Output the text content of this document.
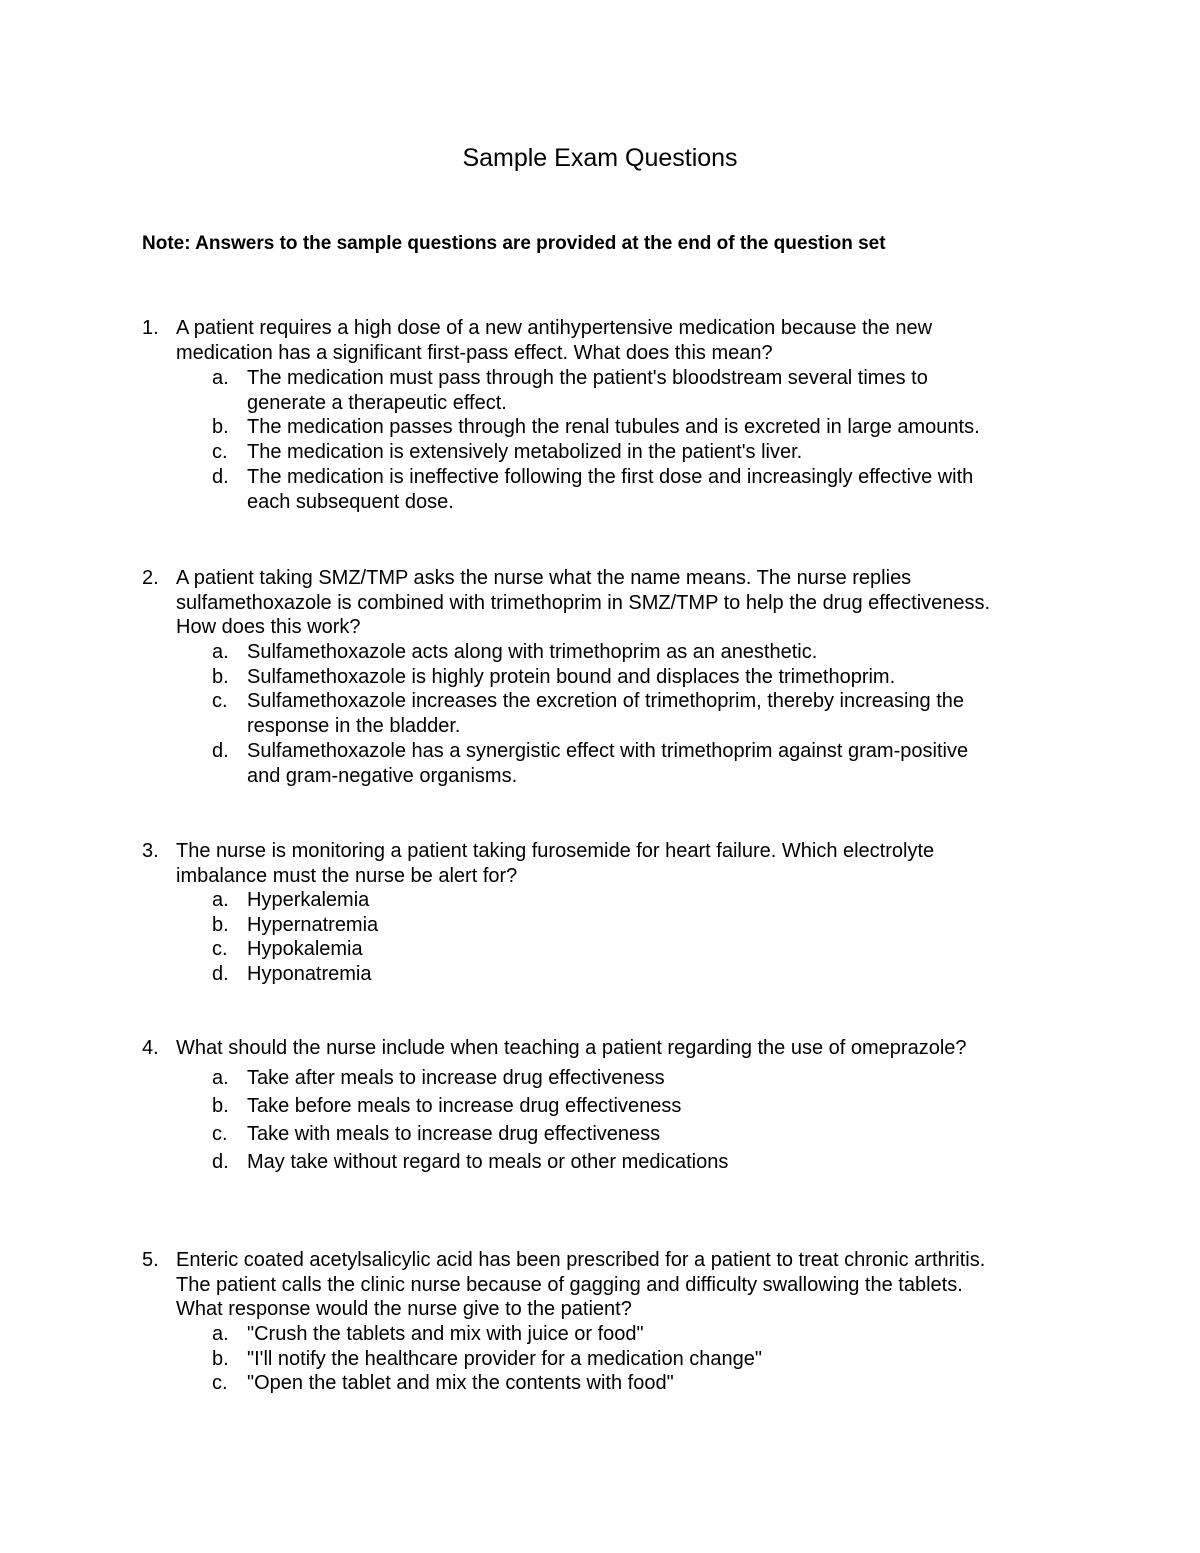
Sample Exam Questions
Note: Answers to the sample questions are provided at the end of the question set
1. A patient requires a high dose of a new antihypertensive medication because the new
medication has a significant first-pass effect. What does this mean?
a. The medication must pass through the patient's bloodstream several times to
generate a therapeutic effect.
b. The medication passes through the renal tubules and is excreted in large amounts.
c. The medication is extensively metabolized in the patient's liver.
d. The medication is ineffective following the first dose and increasingly effective with
each subsequent dose.
2. A patient taking SMZ/TMP asks the nurse what the name means. The nurse replies
sulfamethoxazole is combined with trimethoprim in SMZ/TMP to help the drug effectiveness.
How does this work?
a. Sulfamethoxazole acts along with trimethoprim as an anesthetic.
b. Sulfamethoxazole is highly protein bound and displaces the trimethoprim.
c. Sulfamethoxazole increases the excretion of trimethoprim, thereby increasing the
response in the bladder.
d. Sulfamethoxazole has a synergistic effect with trimethoprim against gram-positive
and gram-negative organisms.
3. The nurse is monitoring a patient taking furosemide for heart failure. Which electrolyte
imbalance must the nurse be alert for?
a. Hyperkalemia
b. Hypernatremia
c. Hypokalemia
d. Hyponatremia
4. What should the nurse include when teaching a patient regarding the use of omeprazole?
a. Take after meals to increase drug effectiveness
b. Take before meals to increase drug effectiveness
c. Take with meals to increase drug effectiveness
d. May take without regard to meals or other medications
5. Enteric coated acetylsalicylic acid has been prescribed for a patient to treat chronic arthritis.
The patient calls the clinic nurse because of gagging and difficulty swallowing the tablets.
What response would the nurse give to the patient?
a. "Crush the tablets and mix with juice or food"
b. "I'll notify the healthcare provider for a medication change"
c. "Open the tablet and mix the contents with food"
